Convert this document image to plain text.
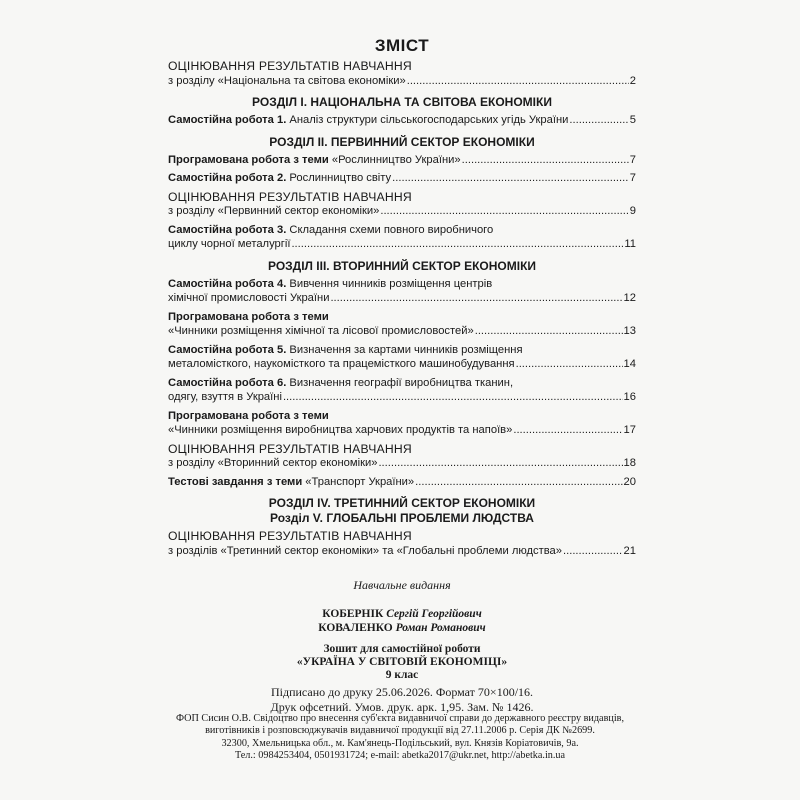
ЗМІСТ
ОЦІНЮВАННЯ РЕЗУЛЬТАТІВ НАВЧАННЯ
з розділу «Національна та світова економіки» .....	2
РОЗДІЛ І. НАЦІОНАЛЬНА ТА СВІТОВА ЕКОНОМІКИ
Самостійна робота 1. Аналіз структури сільськогосподарських угідь України .....	5
РОЗДІЛ ІІ. ПЕРВИННИЙ СЕКТОР ЕКОНОМІКИ
Програмована робота з теми «Рослинництво України» .....	7
Самостійна робота 2. Рослинництво світу .....	7
ОЦІНЮВАННЯ РЕЗУЛЬТАТІВ НАВЧАННЯ
з розділу «Первинний сектор економіки» .....	9
Самостійна робота 3. Складання схеми повного виробничого
циклу чорної металургії .....	11
РОЗДІЛ ІІІ. ВТОРИННИЙ СЕКТОР ЕКОНОМІКИ
Самостійна робота 4. Вивчення чинників розміщення центрів
хімічної промисловості України .....	12
Програмована робота з теми
«Чинники розміщення хімічної та лісової промисловостей» .....	13
Самостійна робота 5. Визначення за картами чинників розміщення
металомісткого, наукомісткого та працемісткого машинобудування .....	14
Самостійна робота 6. Визначення географії виробництва тканин,
одягу, взуття в Україні .....	16
Програмована робота з теми
«Чинники розміщення виробництва харчових продуктів та напоїв» .....	17
ОЦІНЮВАННЯ РЕЗУЛЬТАТІВ НАВЧАННЯ
з розділу «Вторинний сектор економіки» .....	18
Тестові завдання з теми «Транспорт України» .....	20
РОЗДІЛ IV. ТРЕТИННИЙ СЕКТОР ЕКОНОМІКИ
Розділ V. ГЛОБАЛЬНІ ПРОБЛЕМИ ЛЮДСТВА
ОЦІНЮВАННЯ РЕЗУЛЬТАТІВ НАВЧАННЯ
з розділів «Третинний сектор економіки» та «Глобальні проблеми людства» .....	21
Навчальне видання
КОБЕРНІК Сергій Георгійович
КОВАЛЕНКО Роман Романович
Зошит для самостійної роботи
«УКРАЇНА У СВІТОВІЙ ЕКОНОМІЦІ»
9 клас
Підписано до друку 25.06.2026. Формат 70×100/16.
Друк офсетний. Умов. друк. арк. 1,95. Зам. № 1426.
ФОП Сисин О.В. Свідоцтво про внесення суб'єкта видавничої справи до державного реєстру видавців,
виготівників і розповсюджувачів видавничої продукції від 27.11.2006 р. Серія ДК №2699.
32300, Хмельницька обл., м. Кам'янець-Подільський, вул. Князів Коріатовичів, 9а.
Тел.: 0984253404, 0501931724; e-mail: abetka2017@ukr.net, http://abetka.in.ua
